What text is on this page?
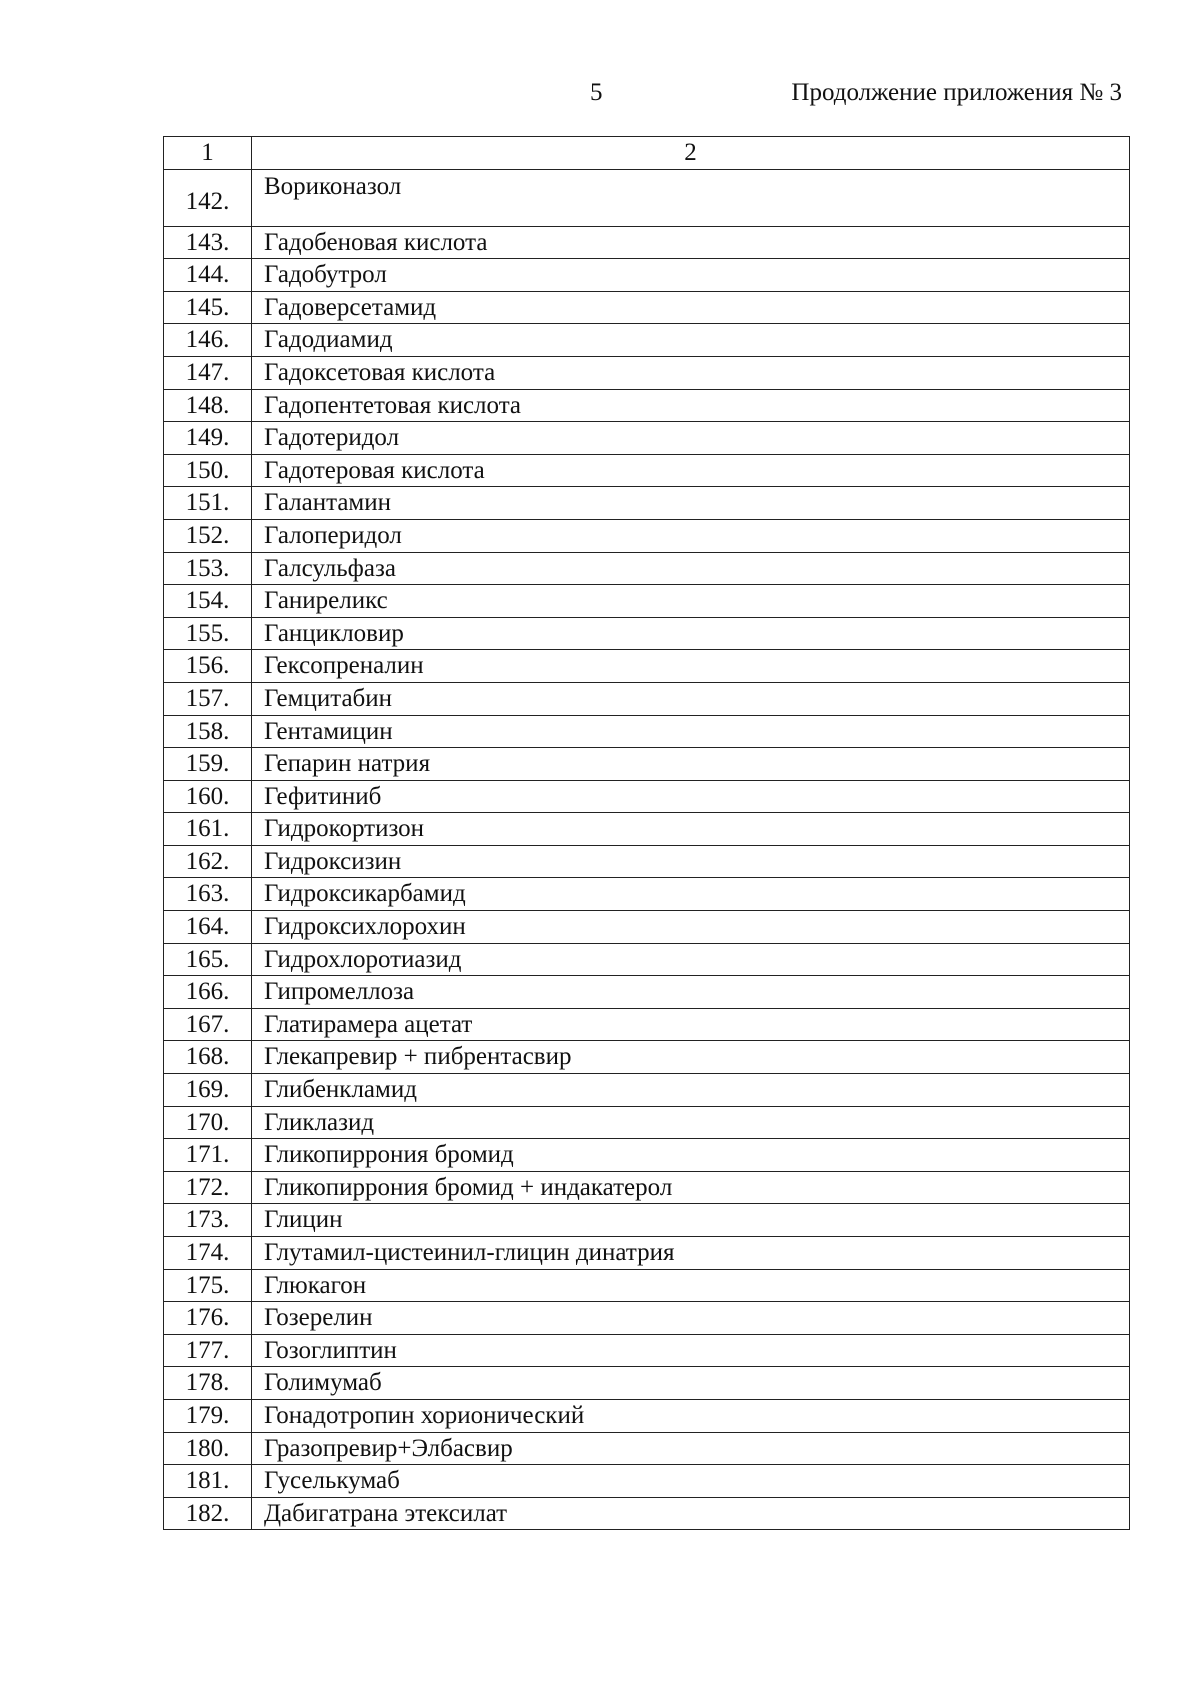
5	Продолжение приложения № 3
1	2
142.	Вориконазол
143.	Гадобеновая кислота
144.	Гадобутрол
145.	Гадоверсетамид
146.	Гадодиамид
147.	Гадоксетовая кислота
148.	Гадопентетовая кислота
149.	Гадотеридол
150.	Гадотеровая кислота
151.	Галантамин
152.	Галоперидол
153.	Галсульфаза
154.	Ганиреликс
155.	Ганцикловир
156.	Гексопреналин
157.	Гемцитабин
158.	Гентамицин
159.	Гепарин натрия
160.	Гефитиниб
161.	Гидрокортизон
162.	Гидроксизин
163.	Гидроксикарбамид
164.	Гидроксихлорохин
165.	Гидрохлоротиазид
166.	Гипромеллоза
167.	Глатирамера ацетат
168.	Глекапревир + пибрентасвир
169.	Глибенкламид
170.	Гликлазид
171.	Гликопиррония бромид
172.	Гликопиррония бромид + индакатерол
173.	Глицин
174.	Глутамил-цистеинил-глицин динатрия
175.	Глюкагон
176.	Гозерелин
177.	Гозоглиптин
178.	Голимумаб
179.	Гонадотропин хорионический
180.	Гразопревир+Элбасвир
181.	Гуселькумаб
182.	Дабигатрана этексилат
